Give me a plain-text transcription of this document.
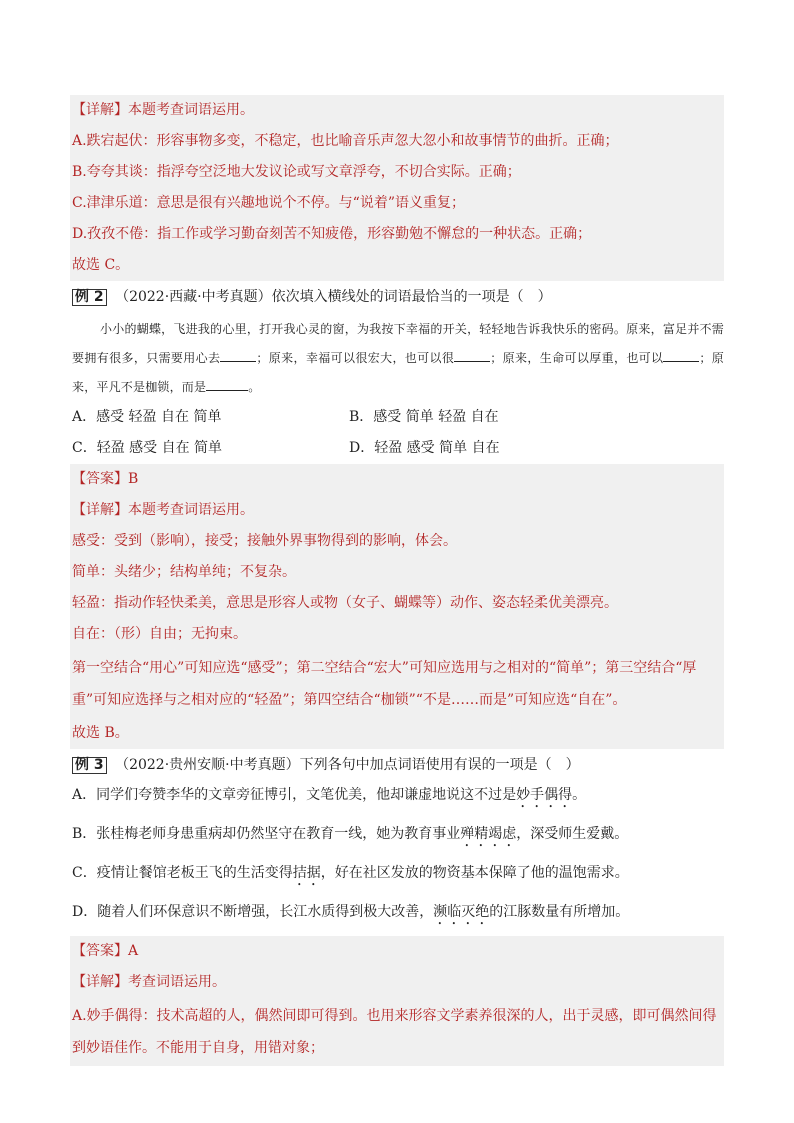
【详解】本题考查词语运用。
A.跌宕起伏：形容事物多变，不稳定，也比喻音乐声忽大忽小和故事情节的曲折。正确；
B.夸夸其谈：指浮夸空泛地大发议论或写文章浮夸，不切合实际。正确；
C.津津乐道：意思是很有兴趣地说个不停。与“说着”语义重复；
D.孜孜不倦：指工作或学习勤奋刻苦不知疲倦，形容勤勉不懈怠的一种状态。正确；
故选 C。
例 2 （2022·西藏·中考真题）依次填入横线处的词语最恰当的一项是（　）
小小的蝴蝶，飞进我的心里，打开我心灵的窗，为我按下幸福的开关，轻轻地告诉我快乐的密码。原来，富足并不需要拥有很多，只需要用心去	；原来，幸福可以很宏大，也可以很	；原来，生命可以厚重，也可以	；原来，平凡不是枷锁，而是	。
A．感受 轻盈 自在 简单	B．感受 简单 轻盈 自在
C．轻盈 感受 自在 简单	D．轻盈 感受 简单 自在
【答案】B
【详解】本题考查词语运用。
感受：受到（影响），接受；接触外界事物得到的影响，体会。
简单：头绪少；结构单纯；不复杂。
轻盈：指动作轻快柔美，意思是形容人或物（女子、蝴蝶等）动作、姿态轻柔优美漂亮。
自在：（形）自由；无拘束。
第一空结合“用心”可知应选“感受”；第二空结合“宏大”可知应选用与之相对的“简单”；第三空结合“厚重”可知应选择与之相对应的“轻盈”；第四空结合“枷锁”“不是……而是”可知应选“自在”。
故选 B。
例 3 （2022·贵州安顺·中考真题）下列各句中加点词语使用有误的一项是（　）
A．同学们夸赞李华的文章旁征博引，文笔优美，他却谦虚地说这不过是妙手偶得。
B．张桂梅老师身患重病却仍然坚守在教育一线，她为教育事业殚精竭虑，深受师生爱戴。
C．疫情让餐馆老板王飞的生活变得拮据，好在社区发放的物资基本保障了他的温饱需求。
D．随着人们环保意识不断增强，长江水质得到极大改善，濒临灭绝的江豚数量有所增加。
【答案】A
【详解】考查词语运用。
A.妙手偶得：技术高超的人，偶然间即可得到。也用来形容文学素养很深的人，出于灵感，即可偶然间得到妙语佳作。不能用于自身，用错对象；
